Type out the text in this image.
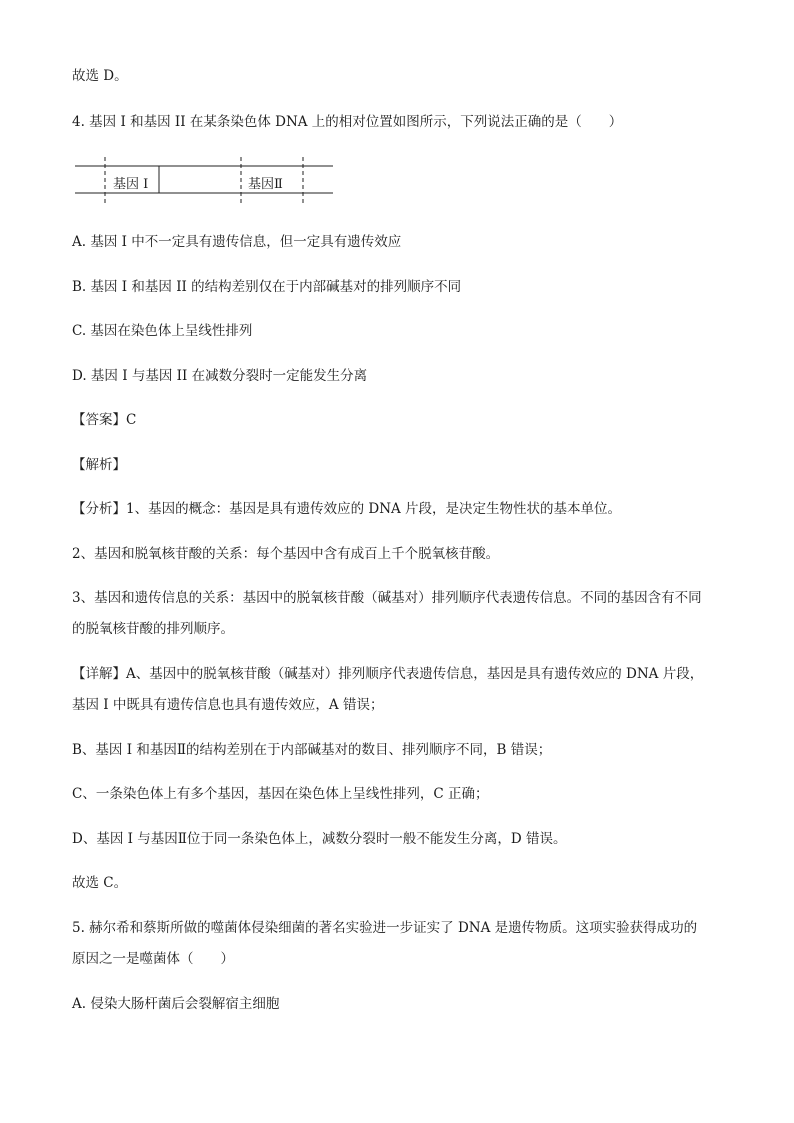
故选 D。
4. 基因 I 和基因 II 在某条染色体 DNA 上的相对位置如图所示，下列说法正确的是（　　）
基因 I	基因Ⅱ
A. 基因 I 中不一定具有遗传信息，但一定具有遗传效应
B. 基因 I 和基因 II 的结构差别仅在于内部碱基对的排列顺序不同
C. 基因在染色体上呈线性排列
D. 基因 I 与基因 II 在减数分裂时一定能发生分离
【答案】C
【解析】
【分析】1、基因的概念：基因是具有遗传效应的 DNA 片段，是决定生物性状的基本单位。
2、基因和脱氧核苷酸的关系：每个基因中含有成百上千个脱氧核苷酸。
3、基因和遗传信息的关系：基因中的脱氧核苷酸（碱基对）排列顺序代表遗传信息。不同的基因含有不同
的脱氧核苷酸的排列顺序。
【详解】A、基因中的脱氧核苷酸（碱基对）排列顺序代表遗传信息，基因是具有遗传效应的 DNA 片段，
基因 I 中既具有遗传信息也具有遗传效应，A 错误；
B、基因 I 和基因Ⅱ的结构差别在于内部碱基对的数目、排列顺序不同，B 错误；
C、一条染色体上有多个基因，基因在染色体上呈线性排列，C 正确；
D、基因 I 与基因Ⅱ位于同一条染色体上，减数分裂时一般不能发生分离，D 错误。
故选 C。
5. 赫尔希和蔡斯所做的噬菌体侵染细菌的著名实验进一步证实了 DNA 是遗传物质。这项实验获得成功的
原因之一是噬菌体（　　）
A. 侵染大肠杆菌后会裂解宿主细胞
